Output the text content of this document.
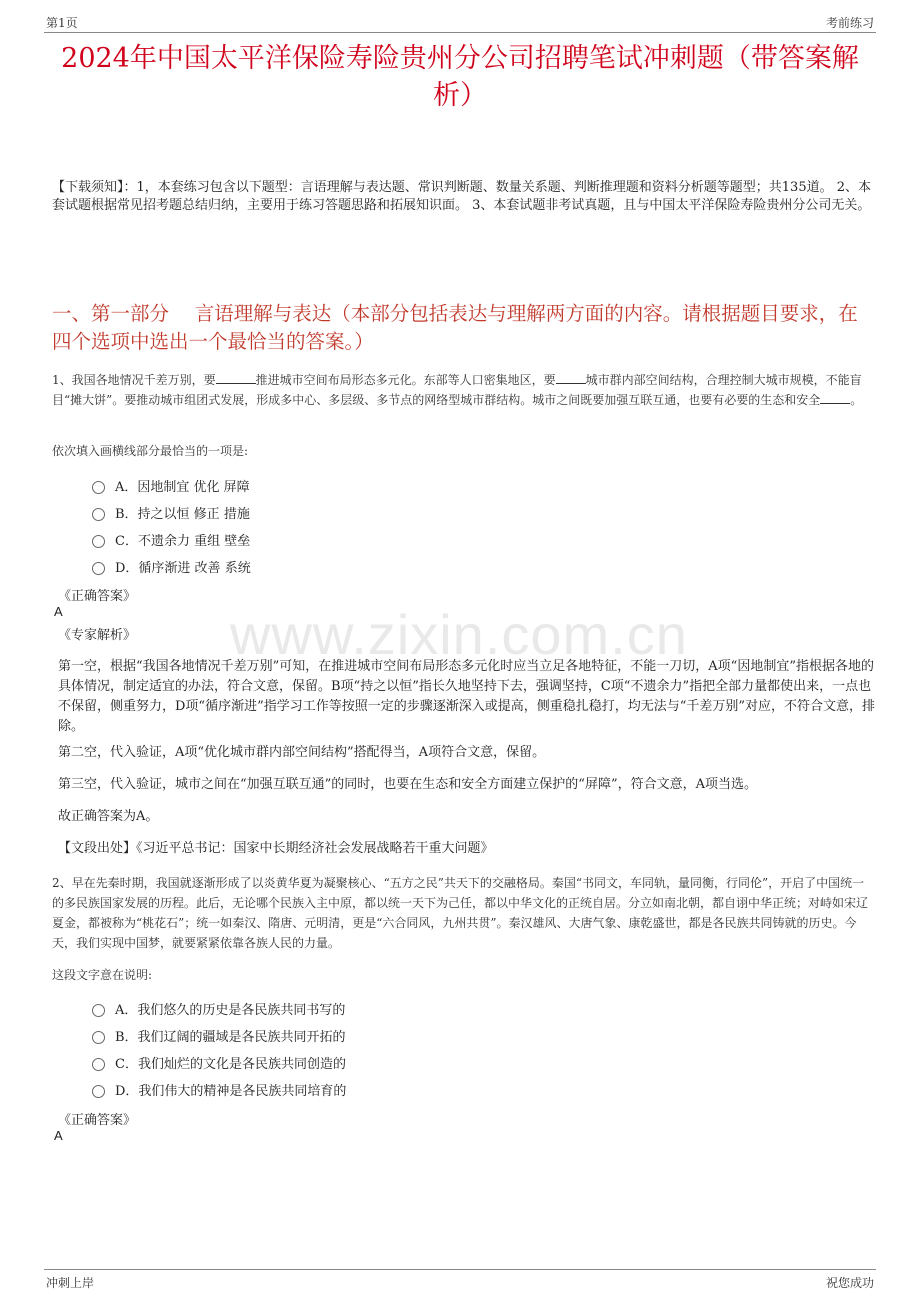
第1页	考前练习
2024年中国太平洋保险寿险贵州分公司招聘笔试冲刺题（带答案解析）
【下载须知】：1，本套练习包含以下题型：言语理解与表达题、常识判断题、数量关系题、判断推理题和资料分析题等题型；共135道。 2、本套试题根据常见招考题总结归纳，主要用于练习答题思路和拓展知识面。 3、本套试题非考试真题，且与中国太平洋保险寿险贵州分公司无关。
一、第一部分　 言语理解与表达（本部分包括表达与理解两方面的内容。请根据题目要求，在四个选项中选出一个最恰当的答案。）
1、我国各地情况千差万别，要	推进城市空间布局形态多元化。东部等人口密集地区，要	城市群内部空间结构，合理控制大城市规模，不能盲目“摊大饼”。要推动城市组团式发展，形成多中心、多层级、多节点的网络型城市群结构。城市之间既要加强互联互通，也要有必要的生态和安全	。
依次填入画横线部分最恰当的一项是:
A．因地制宜 优化 屏障
B．持之以恒 修正 措施
C．不遗余力 重组 壁垒
D．循序渐进 改善 系统
《正确答案》
A
《专家解析》 www.zixin.com.cn
第一空，根据“我国各地情况千差万别”可知，在推进城市空间布局形态多元化时应当立足各地特征，不能一刀切，A项“因地制宜”指根据各地的具体情况，制定适宜的办法，符合文意，保留。B项“持之以恒”指长久地坚持下去，强调坚持，C项“不遗余力”指把全部力量都使出来，一点也不保留，侧重努力，D项“循序渐进”指学习工作等按照一定的步骤逐渐深入或提高，侧重稳扎稳打，均无法与“千差万别”对应，不符合文意，排除。
第二空，代入验证，A项“优化城市群内部空间结构”搭配得当，A项符合文意，保留。
第三空，代入验证，城市之间在“加强互联互通”的同时，也要在生态和安全方面建立保护的“屏障”，符合文意，A项当选。
故正确答案为A。
【文段出处】《习近平总书记：国家中长期经济社会发展战略若干重大问题》
2、早在先秦时期，我国就逐渐形成了以炎黄华夏为凝聚核心、“五方之民”共天下的交融格局。秦国“书同文，车同轨，量同衡，行同伦”，开启了中国统一的多民族国家发展的历程。此后，无论哪个民族入主中原，都以统一天下为己任，都以中华文化的正统自居。分立如南北朝，都自诩中华正统；对峙如宋辽夏金，都被称为“桃花石”；统一如秦汉、隋唐、元明清，更是“六合同风，九州共贯”。秦汉雄风、大唐气象、康乾盛世，都是各民族共同铸就的历史。今天，我们实现中国梦，就要紧紧依靠各族人民的力量。
这段文字意在说明:
A．我们悠久的历史是各民族共同书写的
B．我们辽阔的疆域是各民族共同开拓的
C．我们灿烂的文化是各民族共同创造的
D．我们伟大的精神是各民族共同培育的
《正确答案》
A
冲刺上岸	祝您成功
